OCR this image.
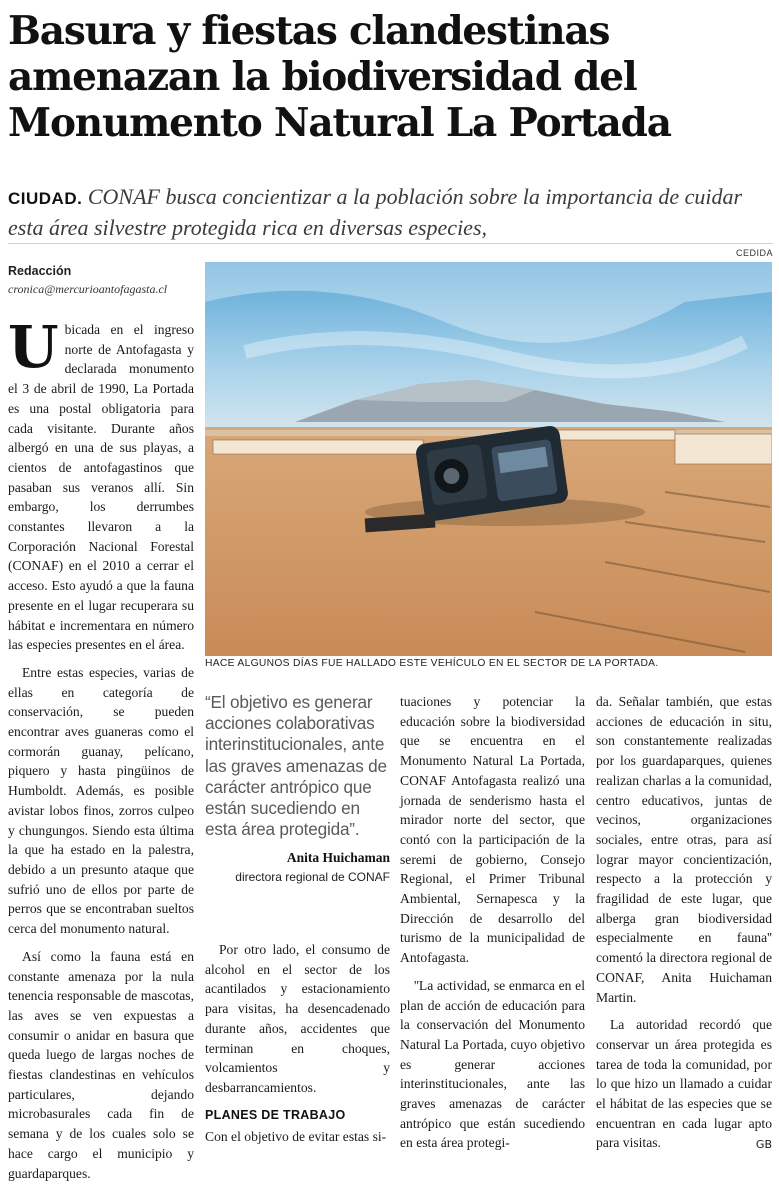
Basura y fiestas clandestinas amenazan la biodiversidad del Monumento Natural La Portada
CIUDAD. CONAF busca concientizar a la población sobre la importancia de cuidar esta área silvestre protegida rica en diversas especies,
Redacción
cronica@mercurioantofagasta.cl

Ubicada en el ingreso norte de Antofagasta y declarada monumento el 3 de abril de 1990, La Portada es una postal obligatoria para cada visitante. Durante años albergó en una de sus playas, a cientos de antofagastinos que pasaban sus veranos allí. Sin embargo, los derrumbes constantes llevaron a la Corporación Nacional Forestal (CONAF) en el 2010 a cerrar el acceso. Esto ayudó a que la fauna presente en el lugar recuperara su hábitat e incrementara en número las especies presentes en el área.

Entre estas especies, varias de ellas en categoría de conservación, se pueden encontrar aves guaneras como el cormorán guanay, pelícano, piquero y hasta pingüinos de Humboldt. Además, es posible avistar lobos finos, zorros culpeo y chungungos. Siendo esta última la que ha estado en la palestra, debido a un presunto ataque que sufrió uno de ellos por parte de perros que se encontraban sueltos cerca del monumento natural.

Así como la fauna está en constante amenaza por la nula tenencia responsable de mascotas, las aves se ven expuestas a consumir o anidar en basura que queda luego de largas noches de fiestas clandestinas en vehículos particulares, dejando microbasurales cada fin de semana y de los cuales solo se hace cargo el municipio y guardaparques.

CEDIDA
HACE ALGUNOS DÍAS FUE HALLADO ESTE VEHÍCULO EN EL SECTOR DE LA PORTADA.
“El objetivo es generar acciones colaborativas interinstitucionales, ante las graves amenazas de carácter antrópico que están sucediendo en esta área protegida”.
Anita Huichaman
directora regional de CONAF

Por otro lado, el consumo de alcohol en el sector de los acantilados y estacionamiento para visitas, ha desencadenado durante años, accidentes que terminan en choques, volcamientos y desbarrancamientos.

PLANES DE TRABAJO

Con el objetivo de evitar estas si-

tuaciones y potenciar la educación sobre la biodiversidad que se encuentra en el Monumento Natural La Portada, CONAF Antofagasta realizó una jornada de senderismo hasta el mirador norte del sector, que contó con la participación de la seremi de gobierno, Consejo Regional, el Primer Tribunal Ambiental, Sernapesca y la Dirección de desarrollo del turismo de la municipalidad de Antofagasta.

''La actividad, se enmarca en el plan de acción de educación para la conservación del Monumento Natural La Portada, cuyo objetivo es generar acciones interinstitucionales, ante las graves amenazas de carácter antrópico que están sucediendo en esta área protegi-

da. Señalar también, que estas acciones de educación in situ, son constantemente realizadas por los guardaparques, quienes realizan charlas a la comunidad, centro educativos, juntas de vecinos, organizaciones sociales, entre otras, para así lograr mayor concientización, respecto a la protección y fragilidad de este lugar, que alberga gran biodiversidad especialmente en fauna'' comentó la directora regional de CONAF, Anita Huichaman Martin.

La autoridad recordó que conservar un área protegida es tarea de toda la comunidad, por lo que hizo un llamado a cuidar el hábitat de las especies que se encuentran en cada lugar apto para visitas.	GB
